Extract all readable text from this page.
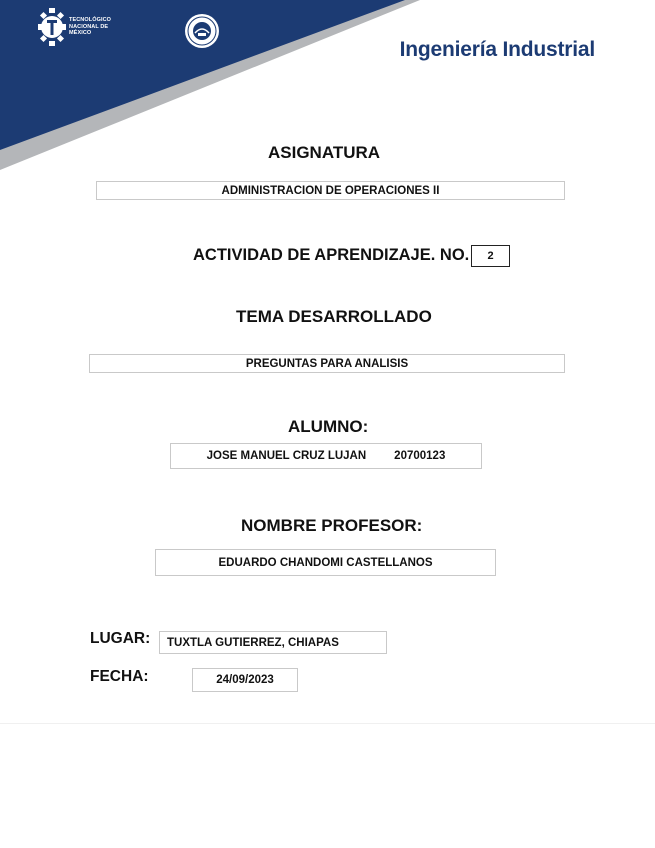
TECNOLÓGICO
NACIONAL DE MÉXICO
Ingeniería Industrial
ASIGNATURA
ADMINISTRACION DE OPERACIONES II
ACTIVIDAD DE APRENDIZAJE. NO.	2
TEMA DESARROLLADO
PREGUNTAS PARA ANALISIS
ALUMNO:
JOSE MANUEL CRUZ LUJAN 20700123
NOMBRE PROFESOR:
EDUARDO CHANDOMI CASTELLANOS
LUGAR:	TUXTLA GUTIERREZ, CHIAPAS
FECHA:	24/09/2023
